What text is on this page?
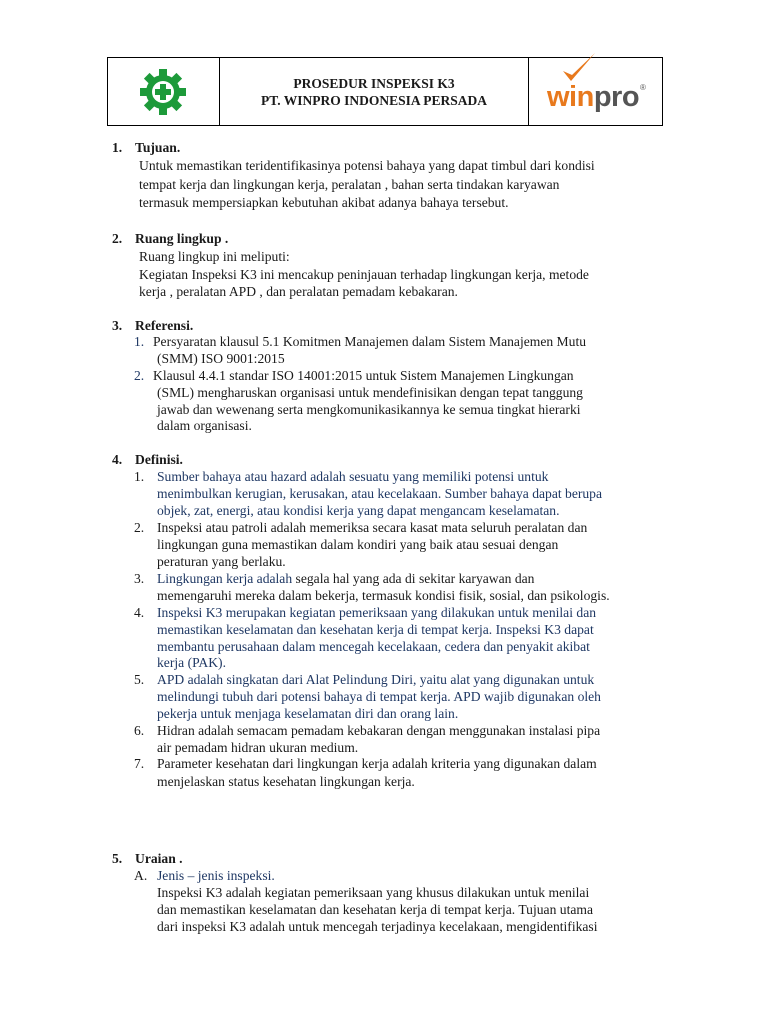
PROSEDUR INSPEKSI K3
PT. WINPRO INDONESIA PERSADA winpro®
1. Tujuan.
Untuk memastikan teridentifikasinya potensi bahaya yang dapat timbul dari kondisi
tempat kerja dan lingkungan kerja, peralatan , bahan serta tindakan karyawan
termasuk mempersiapkan kebutuhan akibat adanya bahaya tersebut.
2. Ruang lingkup .
Ruang lingkup ini meliputi:
Kegiatan Inspeksi K3 ini mencakup peninjauan terhadap lingkungan kerja, metode
kerja , peralatan APD , dan peralatan pemadam kebakaran.
3. Referensi.
1. Persyaratan klausul 5.1 Komitmen Manajemen dalam Sistem Manajemen Mutu
(SMM) ISO 9001:2015
2. Klausul 4.4.1 standar ISO 14001:2015 untuk Sistem Manajemen Lingkungan
(SML) mengharuskan organisasi untuk mendefinisikan dengan tepat tanggung
jawab dan wewenang serta mengkomunikasikannya ke semua tingkat hierarki
dalam organisasi.
4. Definisi.
1. Sumber bahaya atau hazard adalah sesuatu yang memiliki potensi untuk
menimbulkan kerugian, kerusakan, atau kecelakaan. Sumber bahaya dapat berupa
objek, zat, energi, atau kondisi kerja yang dapat mengancam keselamatan.
2. Inspeksi atau patroli adalah memeriksa secara kasat mata seluruh peralatan dan
lingkungan guna memastikan dalam kondiri yang baik atau sesuai dengan
peraturan yang berlaku.
3. Lingkungan kerja adalah segala hal yang ada di sekitar karyawan dan
memengaruhi mereka dalam bekerja, termasuk kondisi fisik, sosial, dan psikologis.
4. Inspeksi K3 merupakan kegiatan pemeriksaan yang dilakukan untuk menilai dan
memastikan keselamatan dan kesehatan kerja di tempat kerja. Inspeksi K3 dapat
membantu perusahaan dalam mencegah kecelakaan, cedera dan penyakit akibat
kerja (PAK).
5. APD adalah singkatan dari Alat Pelindung Diri, yaitu alat yang digunakan untuk
melindungi tubuh dari potensi bahaya di tempat kerja. APD wajib digunakan oleh
pekerja untuk menjaga keselamatan diri dan orang lain.
6. Hidran adalah semacam pemadam kebakaran dengan menggunakan instalasi pipa
air pemadam hidran ukuran medium.
7. Parameter kesehatan dari lingkungan kerja adalah kriteria yang digunakan dalam
menjelaskan status kesehatan lingkungan kerja.
5. Uraian .
A. Jenis – jenis inspeksi.
Inspeksi K3 adalah kegiatan pemeriksaan yang khusus dilakukan untuk menilai
dan memastikan keselamatan dan kesehatan kerja di tempat kerja. Tujuan utama
dari inspeksi K3 adalah untuk mencegah terjadinya kecelakaan, mengidentifikasi
